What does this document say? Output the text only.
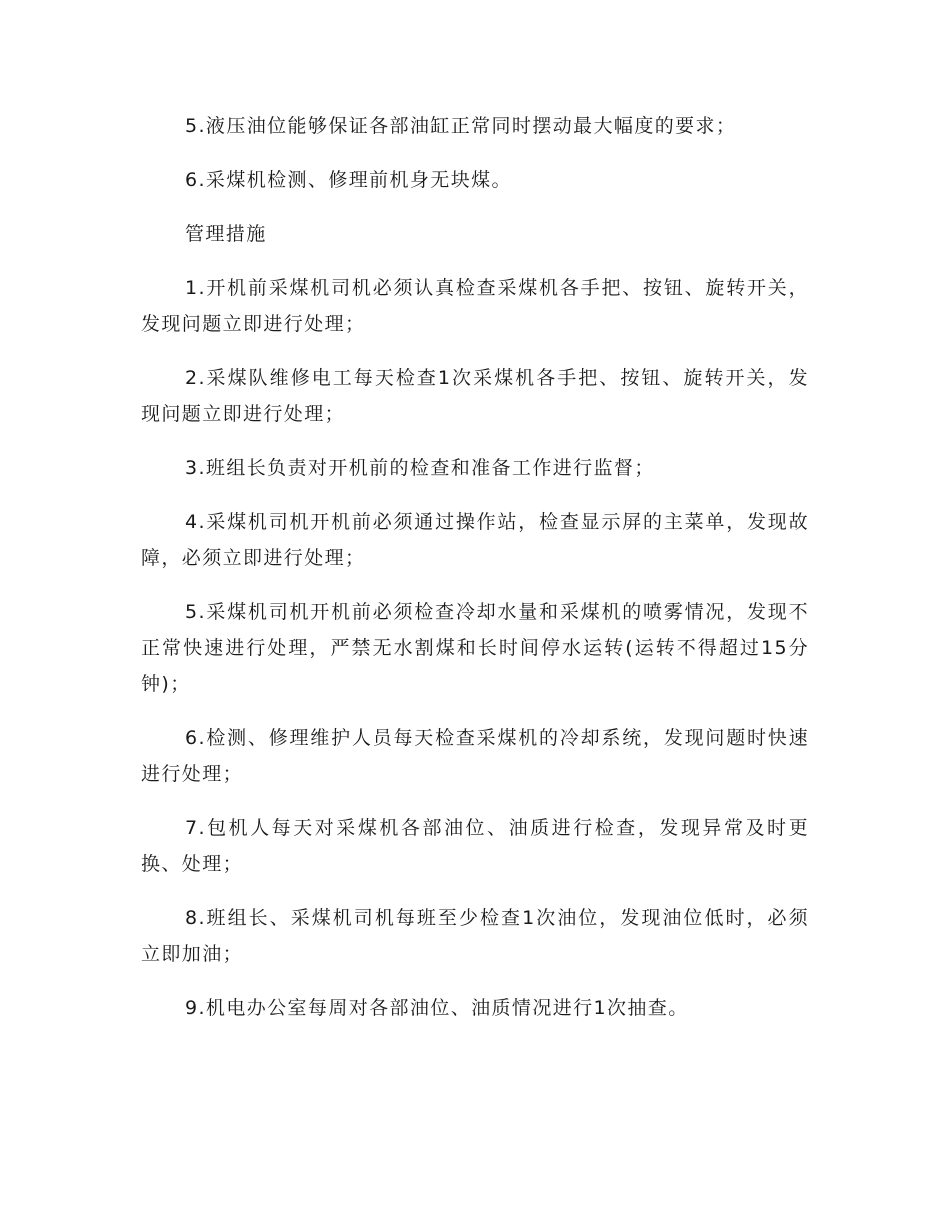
5.液压油位能够保证各部油缸正常同时摆动最大幅度的要求；

6.采煤机检测、修理前机身无块煤。

管理措施

1.开机前采煤机司机必须认真检查采煤机各手把、按钮、旋转开关，发现问题立即进行处理；

2.采煤队维修电工每天检查1次采煤机各手把、按钮、旋转开关，发现问题立即进行处理；

3.班组长负责对开机前的检查和准备工作进行监督；

4.采煤机司机开机前必须通过操作站，检查显示屏的主菜单，发现故障，必须立即进行处理；

5.采煤机司机开机前必须检查冷却水量和采煤机的喷雾情况，发现不正常快速进行处理，严禁无水割煤和长时间停水运转(运转不得超过15分钟)；

6.检测、修理维护人员每天检查采煤机的冷却系统，发现问题时快速进行处理；

7.包机人每天对采煤机各部油位、油质进行检查，发现异常及时更换、处理；

8.班组长、采煤机司机每班至少检查1次油位，发现油位低时，必须立即加油；

9.机电办公室每周对各部油位、油质情况进行1次抽查。
